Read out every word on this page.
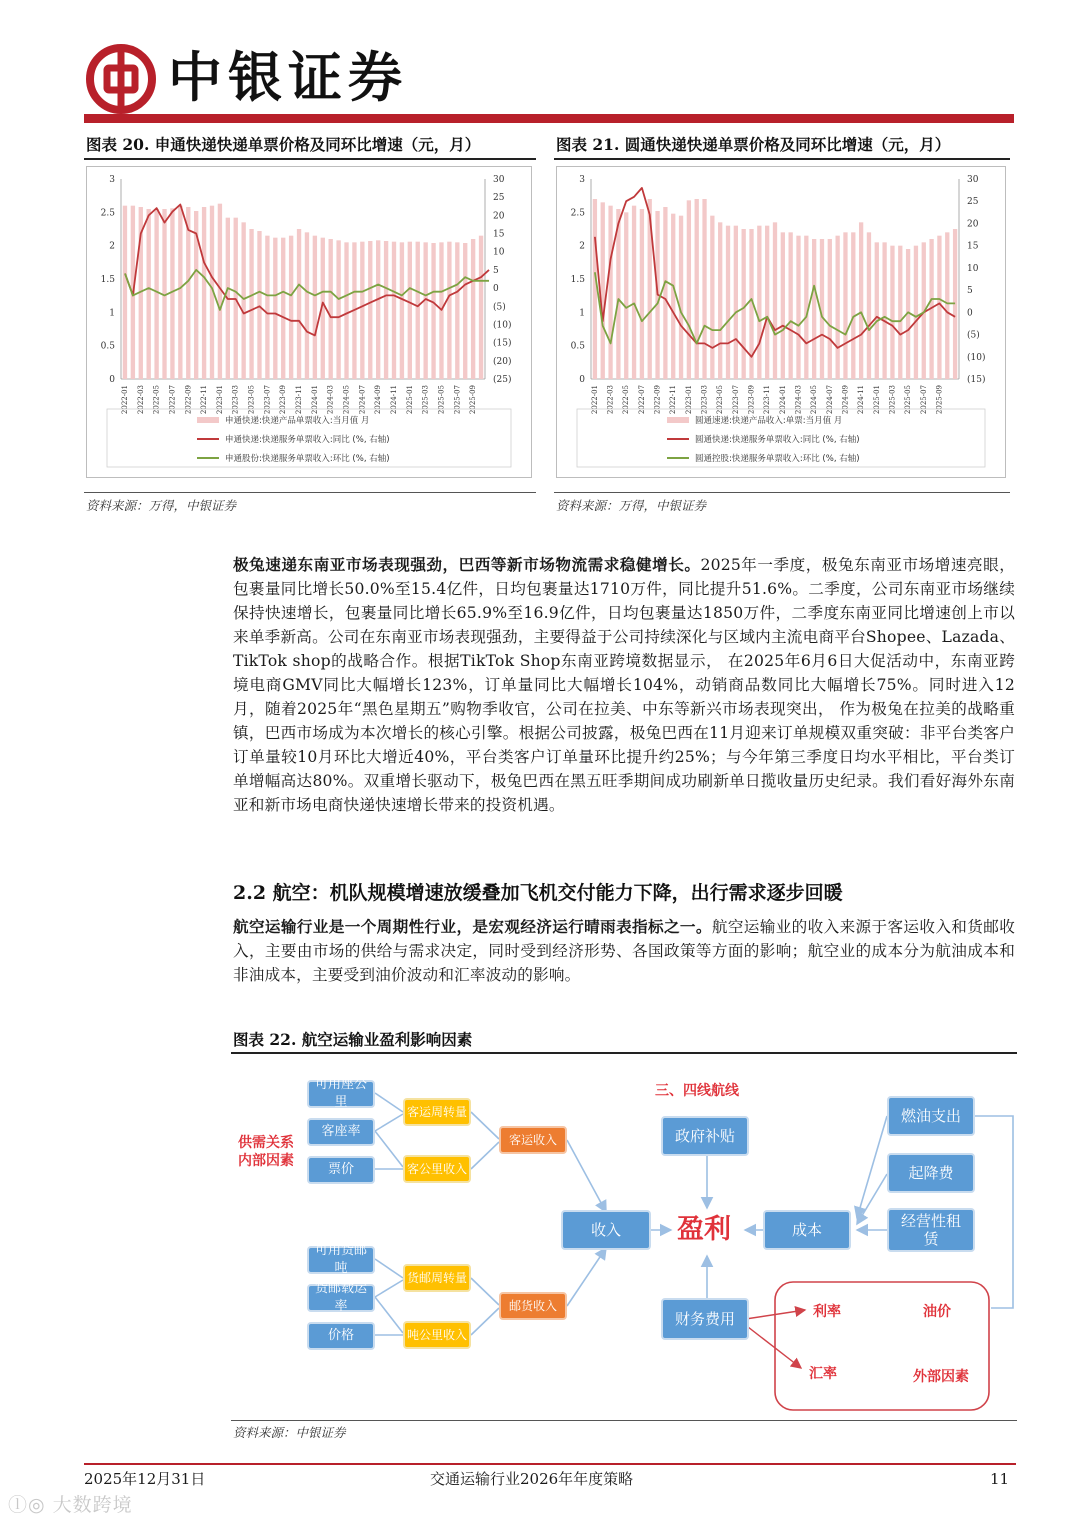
中银证券
图表 20. 申通快递快递单票价格及同环比增速（元，月）
0
0.5
1
1.5
2
2.5
3
(25)
(20)
(15)
(10)
(5)
0
5
10
15
20
25
30
2022-01 2022-03 2022-05 2022-07 2022-09 2022-11 2023-01 2023-03 2023-05 2023-07 2023-09 2023-11 2024-01 2024-03 2024-05 2024-07 2024-09 2024-11 2025-01 2025-03 2025-05 2025-07 2025-09
申通快递:快递产品单票收入:当月值 月
申通快递:快递服务单票收入:同比 (%, 右轴)
申通股份:快递服务单票收入:环比 (%, 右轴)
资料来源：万得，中银证券
图表 21. 圆通快递快递单票价格及同环比增速（元，月）
0
0.5
1
1.5
2
2.5
3
(15)
(10)
(5)
0
5
10
15
20
25
30
2022-01 2022-03 2022-05 2022-07 2022-09 2022-11 2023-01 2023-03 2023-05 2023-07 2023-09 2023-11 2024-01 2024-03 2024-05 2024-07 2024-09 2024-11 2025-01 2025-03 2025-05 2025-07 2025-09
圆通速递:快递产品收入:单票:当月值 月
圆通快递:快递服务单票收入:同比 (%, 右轴)
圆通控股:快递服务单票收入:环比 (%, 右轴)
资料来源：万得，中银证券
极兔速递东南亚市场表现强劲，巴西等新市场物流需求稳健增长。2025年一季度，极兔东南亚市场增速亮眼，包裹量同比增长50.0%至15.4亿件，日均包裹量达1710万件，同比提升51.6%。二季度，公司东南亚市场继续保持快速增长，包裹量同比增长65.9%至16.9亿件，日均包裹量达1850万件，二季度东南亚同比增速创上市以来单季新高。公司在东南亚市场表现强劲，主要得益于公司持续深化与区域内主流电商平台Shopee、Lazada、TikTok shop的战略合作。根据TikTok Shop东南亚跨境数据显示， 在2025年6月6日大促活动中，东南亚跨境电商GMV同比大幅增长123%，订单量同比大幅增长104%，动销商品数同比大幅增长75%。同时进入12月，随着2025年“黑色星期五”购物季收官，公司在拉美、中东等新兴市场表现突出， 作为极兔在拉美的战略重镇，巴西市场成为本次增长的核心引擎。根据公司披露，极兔巴西在11月迎来订单规模双重突破：非平台类客户订单量较10月环比大增近40%，平台类客户订单量环比提升约25%；与今年第三季度日均水平相比，平台类订单增幅高达80%。双重增长驱动下，极兔巴西在黑五旺季期间成功刷新单日揽收量历史纪录。我们看好海外东南亚和新市场电商快递快速增长带来的投资机遇。
2.2 航空：机队规模增速放缓叠加飞机交付能力下降，出行需求逐步回暖
航空运输行业是一个周期性行业，是宏观经济运行晴雨表指标之一。航空运输业的收入来源于客运收入和货邮收入，主要由市场的供给与需求决定，同时受到经济形势、各国政策等方面的影响；航空业的成本分为航油成本和非油成本，主要受到油价波动和汇率波动的影响。
图表 22. 航空运输业盈利影响因素
可用座公里
客座率
票价
客运周转量
客公里收入
客运收入
供需关系
内部因素
可用货邮吨
货邮载运率
价格
货邮周转量
吨公里收入
邮货收入
收入
政府补贴
三、四线航线
盈利
财务费用
成本
燃油支出
起降费
经营性租赁
利率	油价
汇率	外部因素
资料来源：中银证券
2025年12月31日	交通运输行业2026年年度策略	11
ⓛ◎ 大数跨境
